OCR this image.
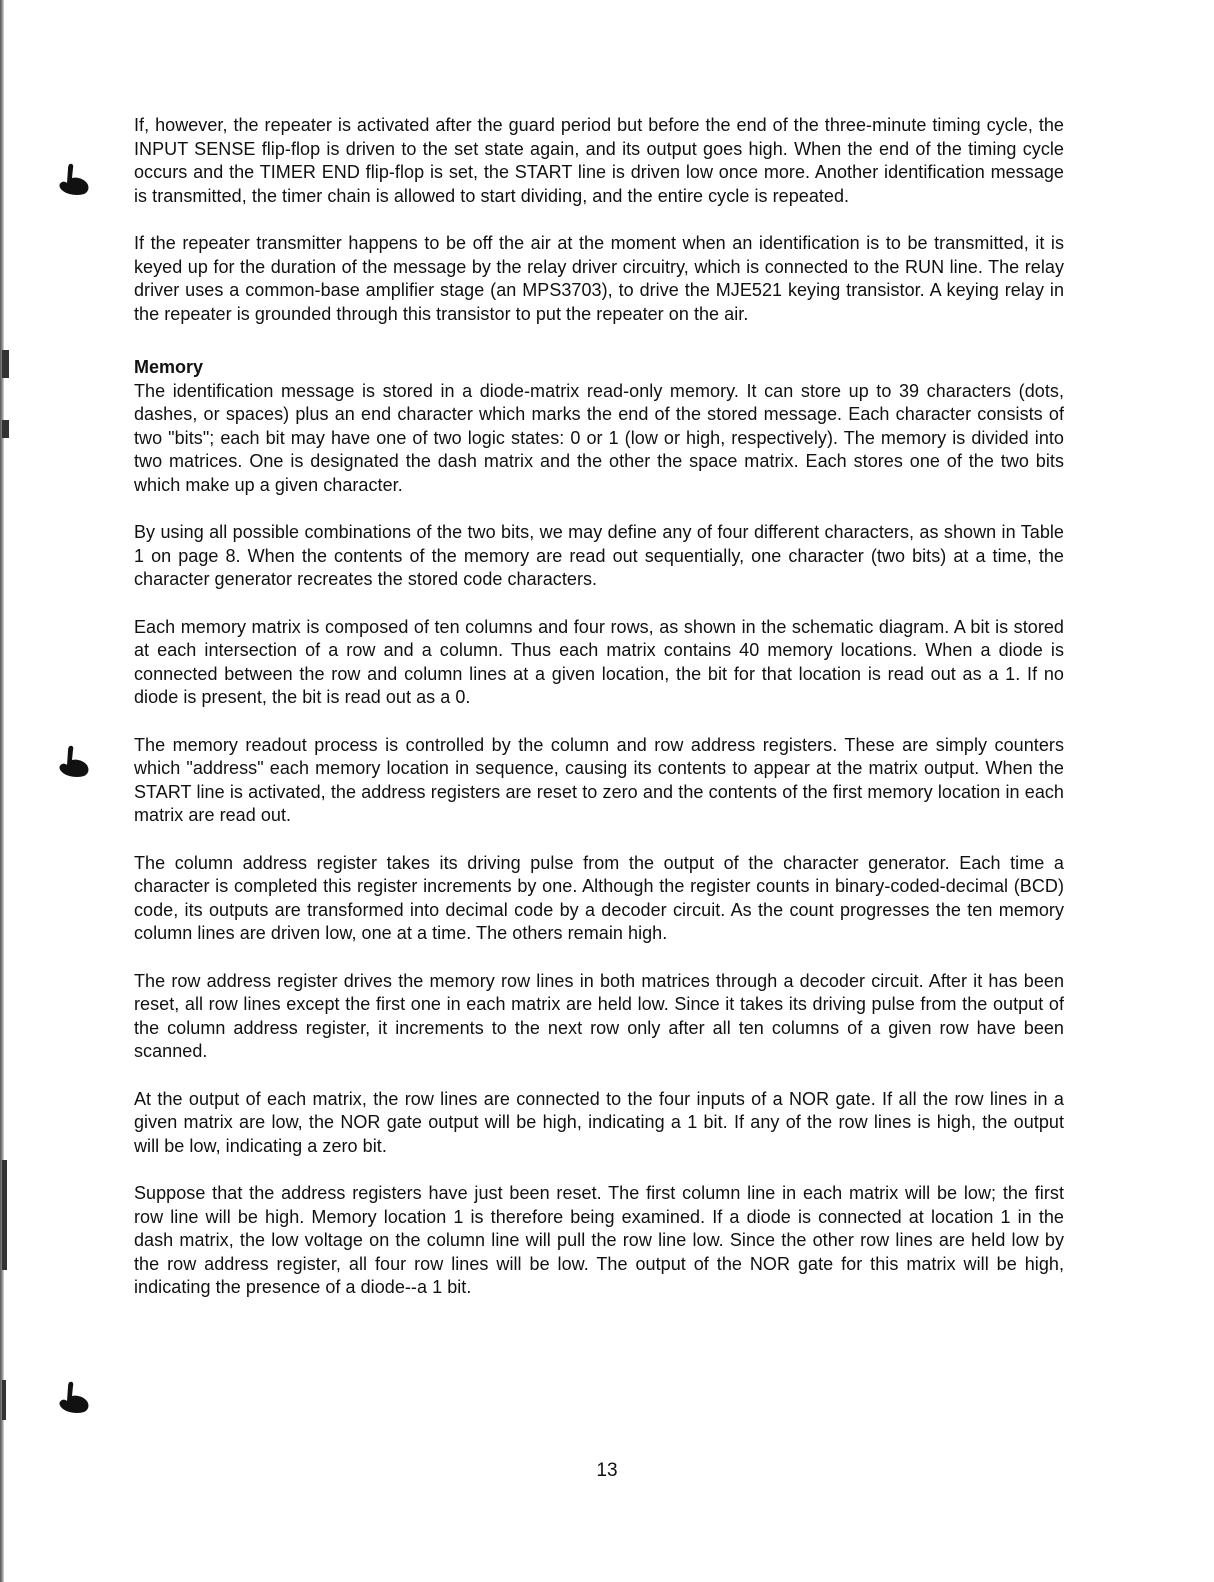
If, however, the repeater is activated after the guard period but before the end of the three-minute timing cycle, the INPUT SENSE flip-flop is driven to the set state again, and its output goes high. When the end of the timing cycle occurs and the TIMER END flip-flop is set, the START line is driven low once more. Another identification message is transmitted, the timer chain is allowed to start dividing, and the entire cycle is repeated.

If the repeater transmitter happens to be off the air at the moment when an identification is to be transmitted, it is keyed up for the duration of the message by the relay driver circuitry, which is connected to the RUN line. The relay driver uses a common-base amplifier stage (an MPS3703), to drive the MJE521 keying transistor. A keying relay in the repeater is grounded through this transistor to put the repeater on the air.

Memory

The identification message is stored in a diode-matrix read-only memory. It can store up to 39 characters (dots, dashes, or spaces) plus an end character which marks the end of the stored message. Each character consists of two "bits"; each bit may have one of two logic states: 0 or 1 (low or high, respectively). The memory is divided into two matrices. One is designated the dash matrix and the other the space matrix. Each stores one of the two bits which make up a given character.

By using all possible combinations of the two bits, we may define any of four different characters, as shown in Table 1 on page 8. When the contents of the memory are read out sequentially, one character (two bits) at a time, the character generator recreates the stored code characters.

Each memory matrix is composed of ten columns and four rows, as shown in the schematic diagram. A bit is stored at each intersection of a row and a column. Thus each matrix contains 40 memory locations. When a diode is connected between the row and column lines at a given location, the bit for that location is read out as a 1. If no diode is present, the bit is read out as a 0.

The memory readout process is controlled by the column and row address registers. These are simply counters which "address" each memory location in sequence, causing its contents to appear at the matrix output. When the START line is activated, the address registers are reset to zero and the contents of the first memory location in each matrix are read out.

The column address register takes its driving pulse from the output of the character generator. Each time a character is completed this register increments by one. Although the register counts in binary-coded-decimal (BCD) code, its outputs are transformed into decimal code by a decoder circuit. As the count progresses the ten memory column lines are driven low, one at a time. The others remain high.

The row address register drives the memory row lines in both matrices through a decoder circuit. After it has been reset, all row lines except the first one in each matrix are held low. Since it takes its driving pulse from the output of the column address register, it increments to the next row only after all ten columns of a given row have been scanned.

At the output of each matrix, the row lines are connected to the four inputs of a NOR gate. If all the row lines in a given matrix are low, the NOR gate output will be high, indicating a 1 bit. If any of the row lines is high, the output will be low, indicating a zero bit.

Suppose that the address registers have just been reset. The first column line in each matrix will be low; the first row line will be high. Memory location 1 is therefore being examined. If a diode is connected at location 1 in the dash matrix, the low voltage on the column line will pull the row line low. Since the other row lines are held low by the row address register, all four row lines will be low. The output of the NOR gate for this matrix will be high, indicating the presence of a diode--a 1 bit.

13
